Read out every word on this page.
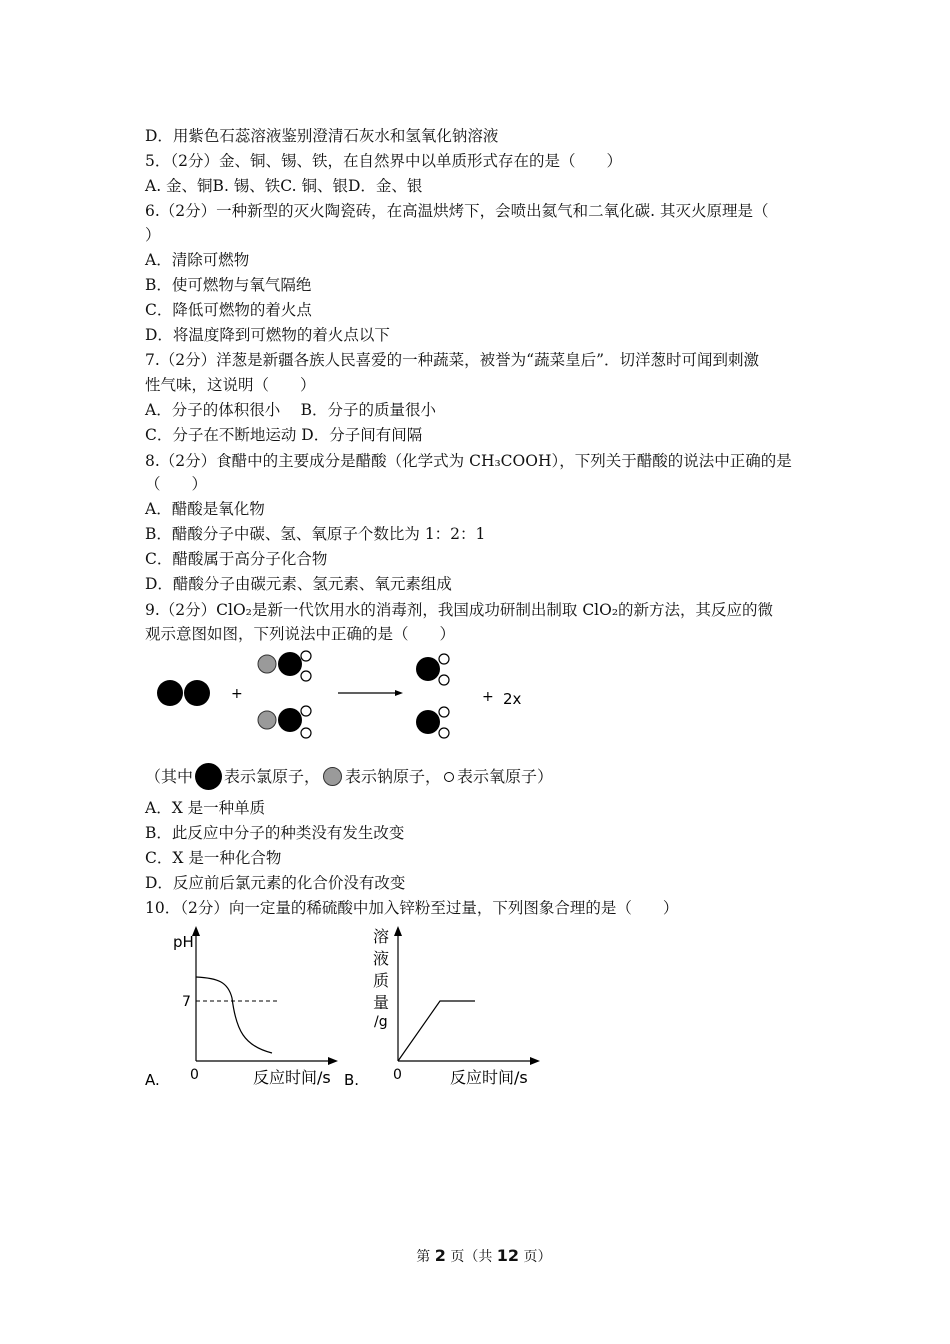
D．用紫色石蕊溶液鉴别澄清石灰水和氢氧化钠溶液
5．（2分）金、铜、锡、铁，在自然界中以单质形式存在的是（　　）
A. 金、铜B. 锡、铁C. 铜、银D．金、银
6.（2分）一种新型的灭火陶瓷砖，在高温烘烤下，会喷出氦气和二氧化碳. 其灭火原理是（
）
A．清除可燃物
B．使可燃物与氧气隔绝
C．降低可燃物的着火点
D．将温度降到可燃物的着火点以下
7.（2分）洋葱是新疆各族人民喜爱的一种蔬菜，被誉为“蔬菜皇后”．切洋葱时可闻到刺激
性气味，这说明（　　）
A．分子的体积很小　 B．分子的质量很小
C．分子在不断地运动 D．分子间有间隔
8.（2分）食醋中的主要成分是醋酸（化学式为 CH₃COOH），下列关于醋酸的说法中正确的是
（　　）
A．醋酸是氧化物
B．醋酸分子中碳、氢、氧原子个数比为 1：2：1
C．醋酸属于高分子化合物
D．醋酸分子由碳元素、氢元素、氧元素组成
9.（2分）ClO₂是新一代饮用水的消毒剂，我国成功研制出制取 ClO₂的新方法，其反应的微
观示意图如图，下列说法中正确的是（　　）
+	+ 2x
（其中 表示氯原子， 表示钠原子， 表示氧原子）
A．X 是一种单质
B．此反应中分子的种类没有发生改变
C．X 是一种化合物
D．反应前后氯元素的化合价没有改变
10．（2分）向一定量的稀硫酸中加入锌粉至过量，下列图象合理的是（　　）
A.
pH
7
0	反应时间/s B.
溶
液
质
量
/g
0	反应时间/s

第 2 页（共 12 页）
